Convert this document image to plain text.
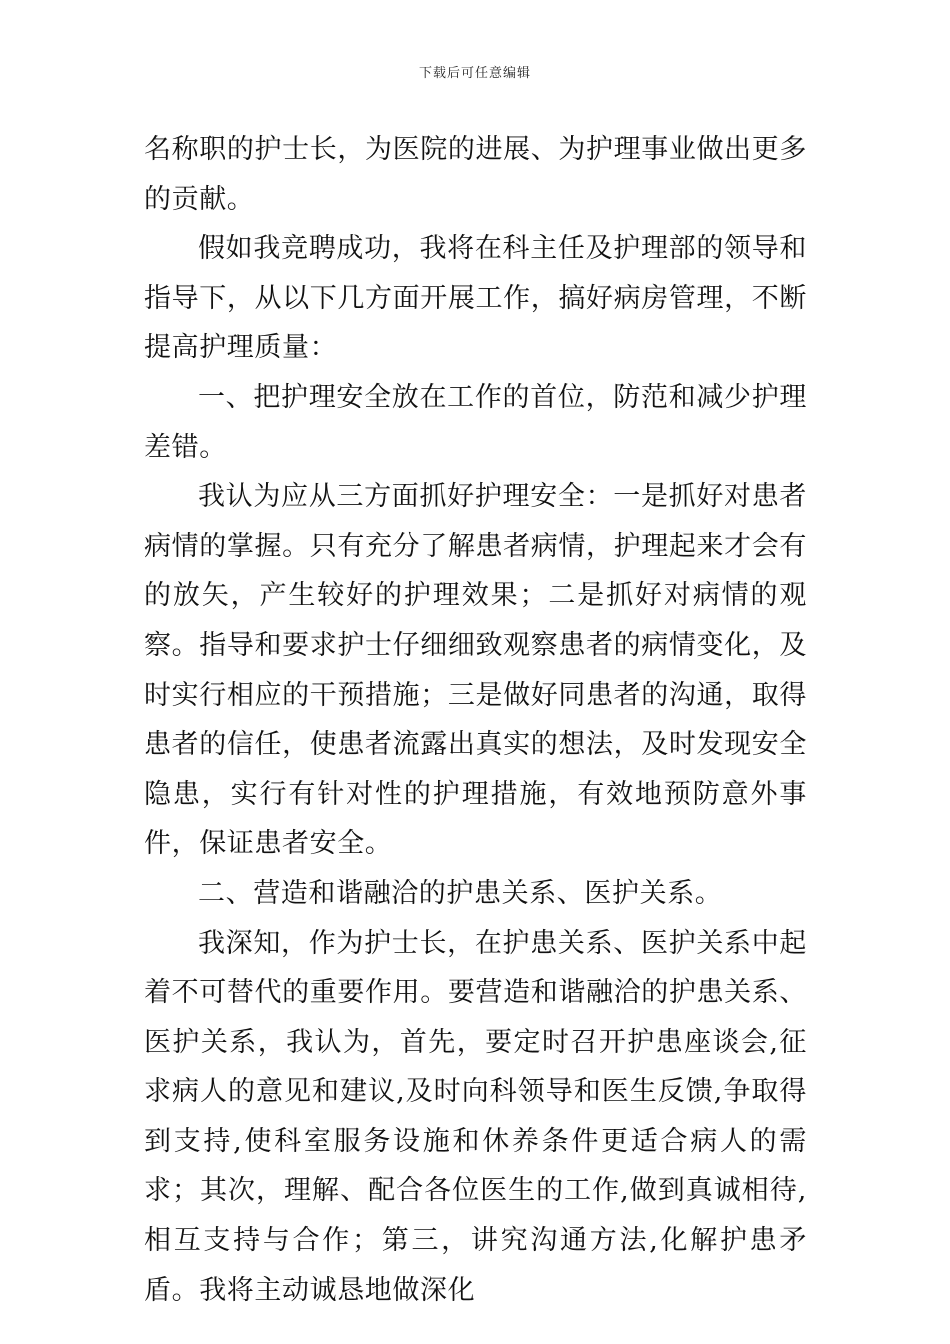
下载后可任意编辑

名称职的护士长，为医院的进展、为护理事业做出更多的贡献。

假如我竞聘成功，我将在科主任及护理部的领导和指导下，从以下几方面开展工作，搞好病房管理，不断提高护理质量：

一、把护理安全放在工作的首位，防范和减少护理差错。

我认为应从三方面抓好护理安全：一是抓好对患者病情的掌握。只有充分了解患者病情，护理起来才会有的放矢，产生较好的护理效果；二是抓好对病情的观察。指导和要求护士仔细细致观察患者的病情变化，及时实行相应的干预措施；三是做好同患者的沟通，取得患者的信任，使患者流露出真实的想法，及时发现安全隐患，实行有针对性的护理措施，有效地预防意外事件，保证患者安全。

二、营造和谐融洽的护患关系、医护关系。

我深知，作为护士长，在护患关系、医护关系中起着不可替代的重要作用。要营造和谐融洽的护患关系、医护关系，我认为，首先，要定时召开护患座谈会,征求病人的意见和建议,及时向科领导和医生反馈,争取得到支持,使科室服务设施和休养条件更适合病人的需求；其次，理解、配合各位医生的工作,做到真诚相待,相互支持与合作；第三，讲究沟通方法,化解护患矛盾。我将主动诚恳地做深化
